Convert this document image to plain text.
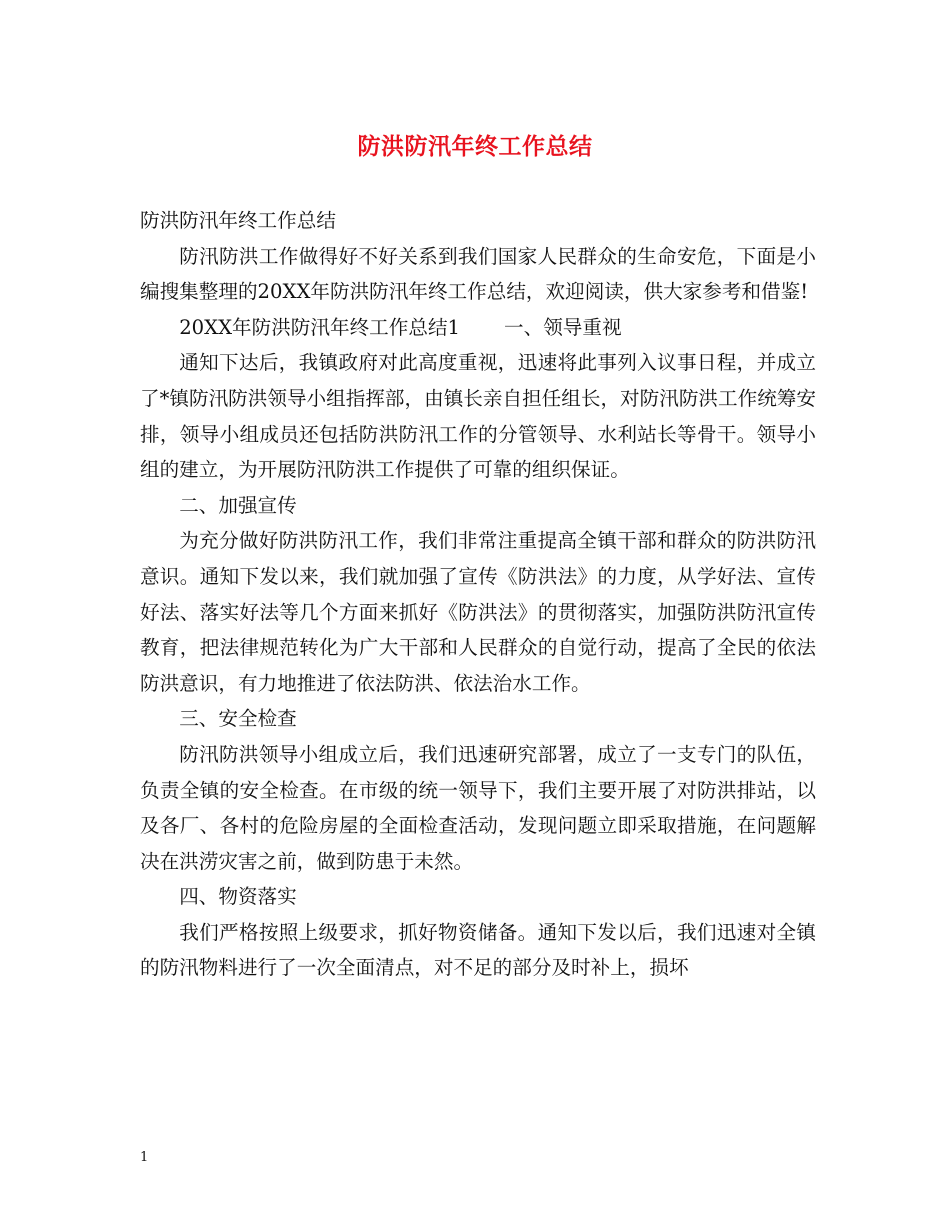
防洪防汛年终工作总结

防洪防汛年终工作总结

防汛防洪工作做得好不好关系到我们国家人民群众的生命安危，下面是小编搜集整理的20XX年防洪防汛年终工作总结，欢迎阅读，供大家参考和借鉴!

20XX年防洪防汛年终工作总结1 一、领导重视

通知下达后，我镇政府对此高度重视，迅速将此事列入议事日程，并成立了*镇防汛防洪领导小组指挥部，由镇长亲自担任组长，对防汛防洪工作统筹安排，领导小组成员还包括防洪防汛工作的分管领导、水利站长等骨干。领导小组的建立，为开展防汛防洪工作提供了可靠的组织保证。

二、加强宣传

为充分做好防洪防汛工作，我们非常注重提高全镇干部和群众的防洪防汛意识。通知下发以来，我们就加强了宣传《防洪法》的力度，从学好法、宣传好法、落实好法等几个方面来抓好《防洪法》的贯彻落实，加强防洪防汛宣传教育，把法律规范转化为广大干部和人民群众的自觉行动，提高了全民的依法防洪意识，有力地推进了依法防洪、依法治水工作。

三、安全检查

防汛防洪领导小组成立后，我们迅速研究部署，成立了一支专门的队伍，负责全镇的安全检查。在市级的统一领导下，我们主要开展了对防洪排站，以及各厂、各村的危险房屋的全面检查活动，发现问题立即采取措施，在问题解决在洪涝灾害之前，做到防患于未然。

四、物资落实

我们严格按照上级要求，抓好物资储备。通知下发以后，我们迅速对全镇的防汛物料进行了一次全面清点，对不足的部分及时补上，损坏

1
